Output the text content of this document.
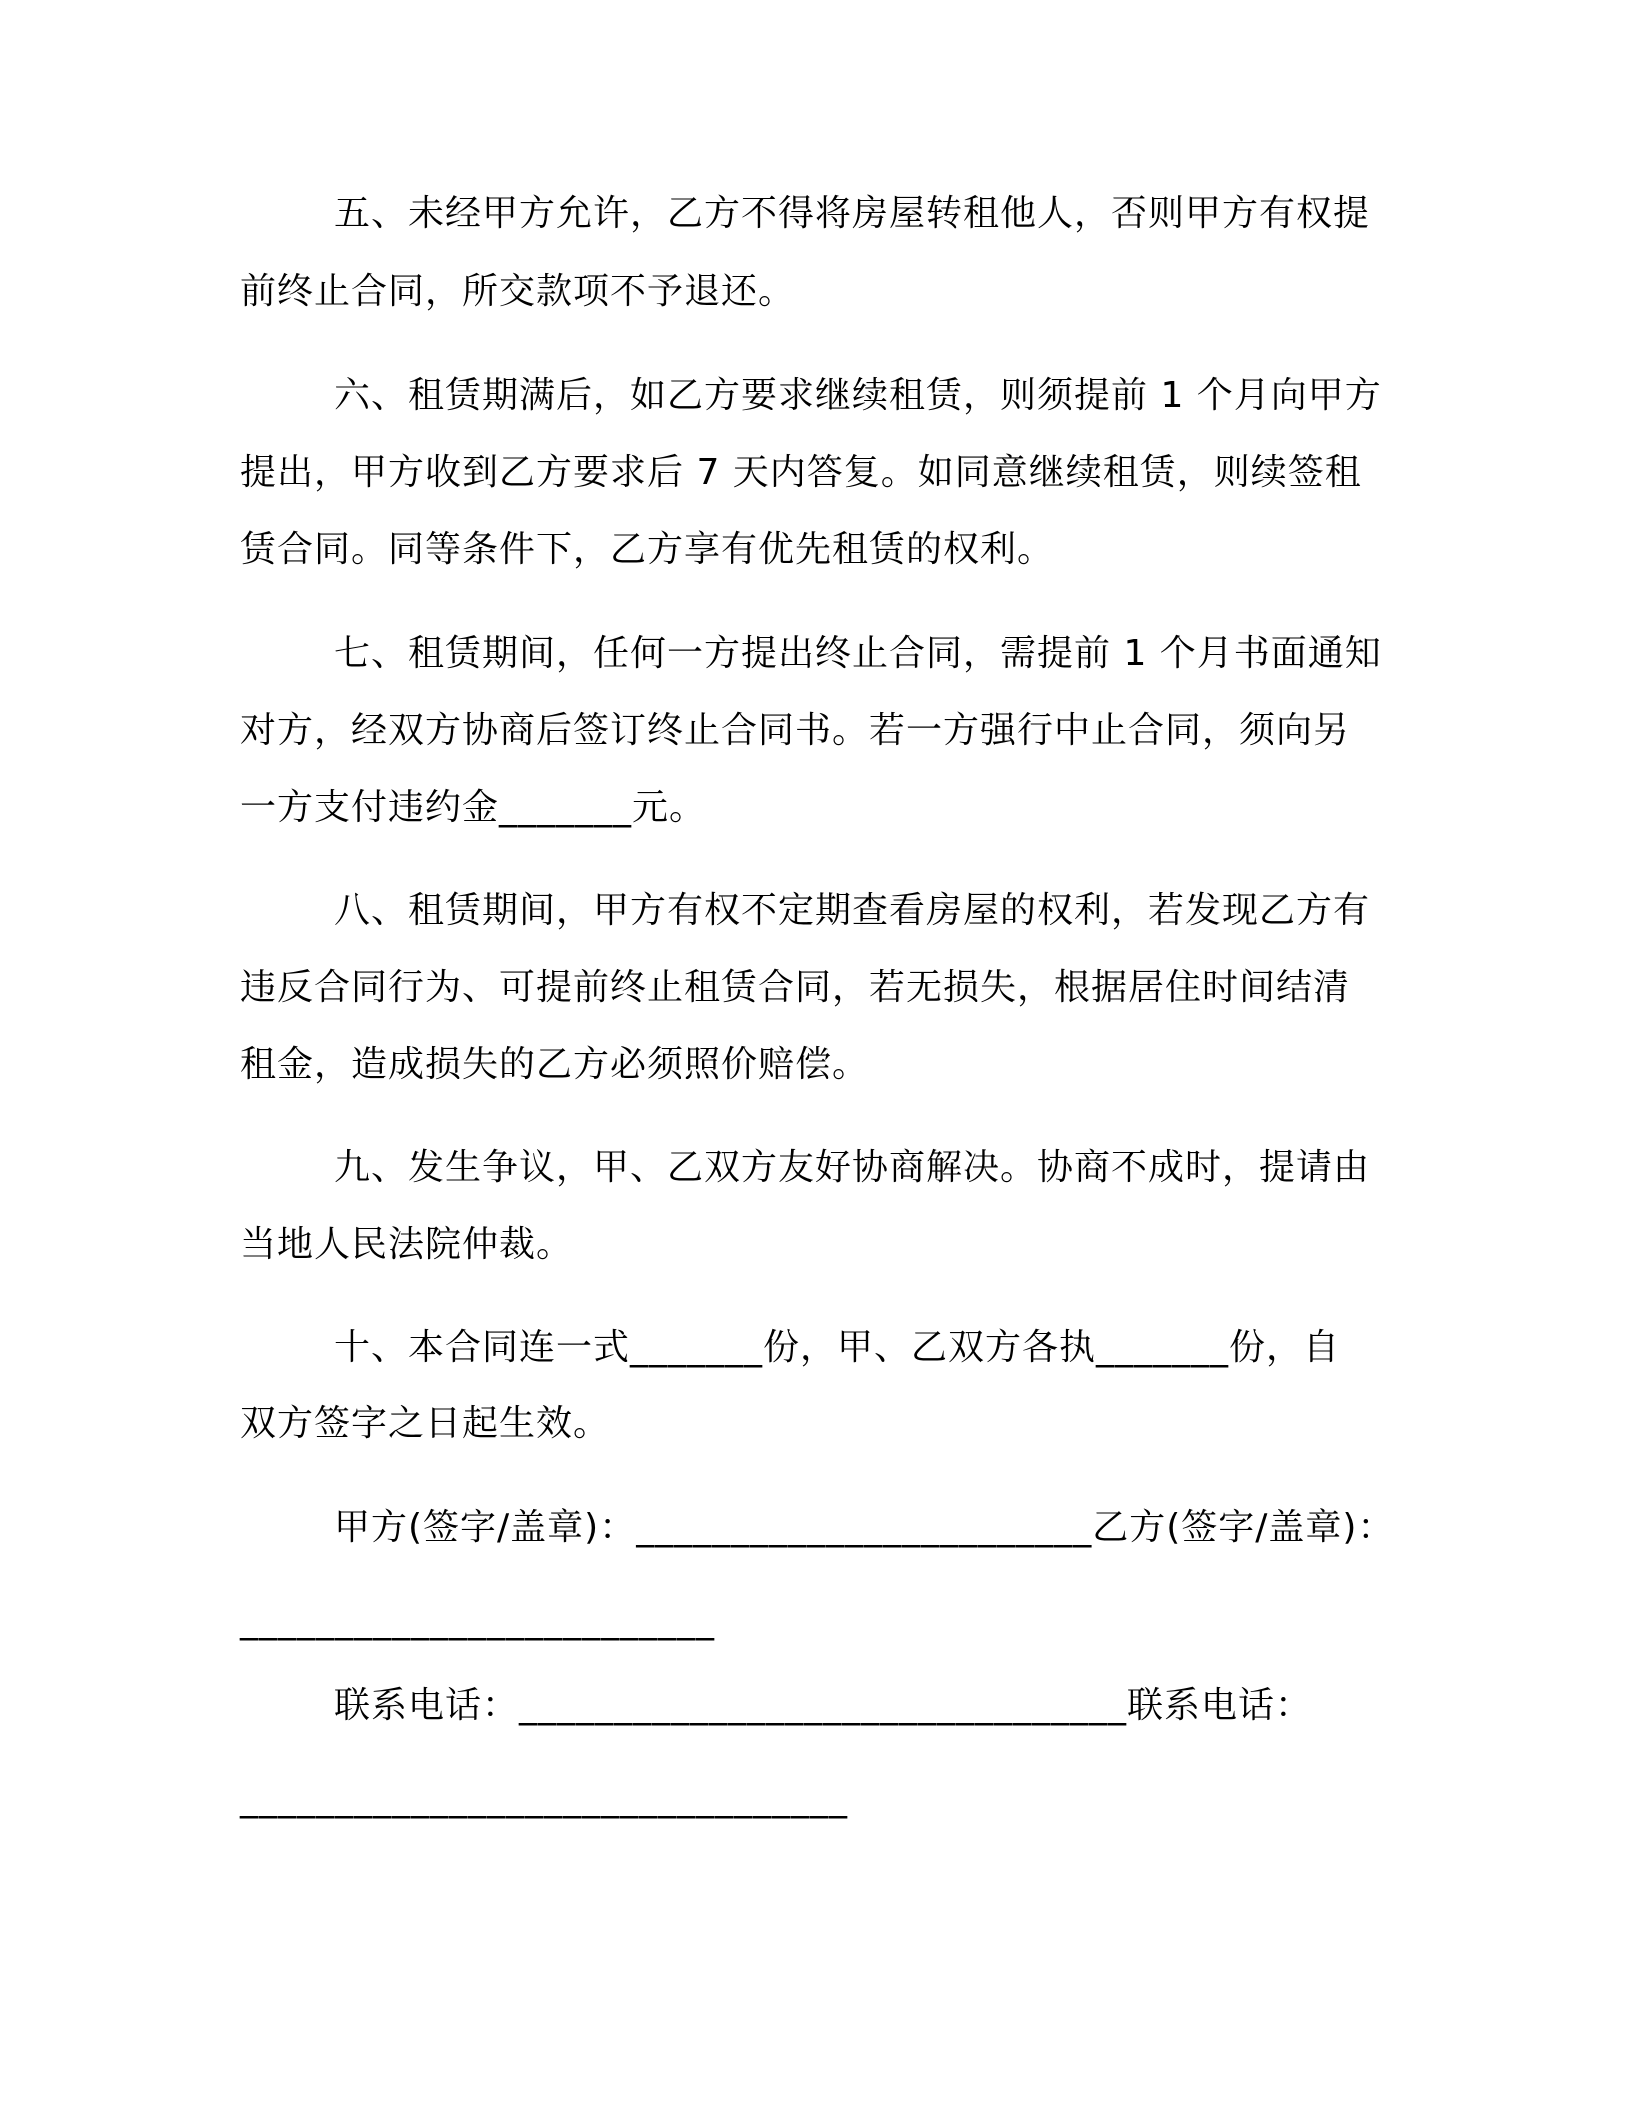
五、未经甲方允许，乙方不得将房屋转租他人，否则甲方有权提
前终止合同，所交款项不予退还。
六、租赁期满后，如乙方要求继续租赁，则须提前 1 个月向甲方
提出，甲方收到乙方要求后 7 天内答复。如同意继续租赁，则续签租
赁合同。同等条件下，乙方享有优先租赁的权利。
七、租赁期间，任何一方提出终止合同，需提前 1 个月书面通知
对方，经双方协商后签订终止合同书。若一方强行中止合同，须向另
一方支付违约金_______元。
八、租赁期间，甲方有权不定期查看房屋的权利，若发现乙方有
违反合同行为、可提前终止租赁合同，若无损失，根据居住时间结清
租金，造成损失的乙方必须照价赔偿。
九、发生争议，甲、乙双方友好协商解决。协商不成时，提请由
当地人民法院仲裁。
十、本合同连一式_______份，甲、乙双方各执_______份，自
双方签字之日起生效。
甲方(签字/盖章)：________________________乙方(签字/盖章)：
_________________________
联系电话：________________________________联系电话：
________________________________
